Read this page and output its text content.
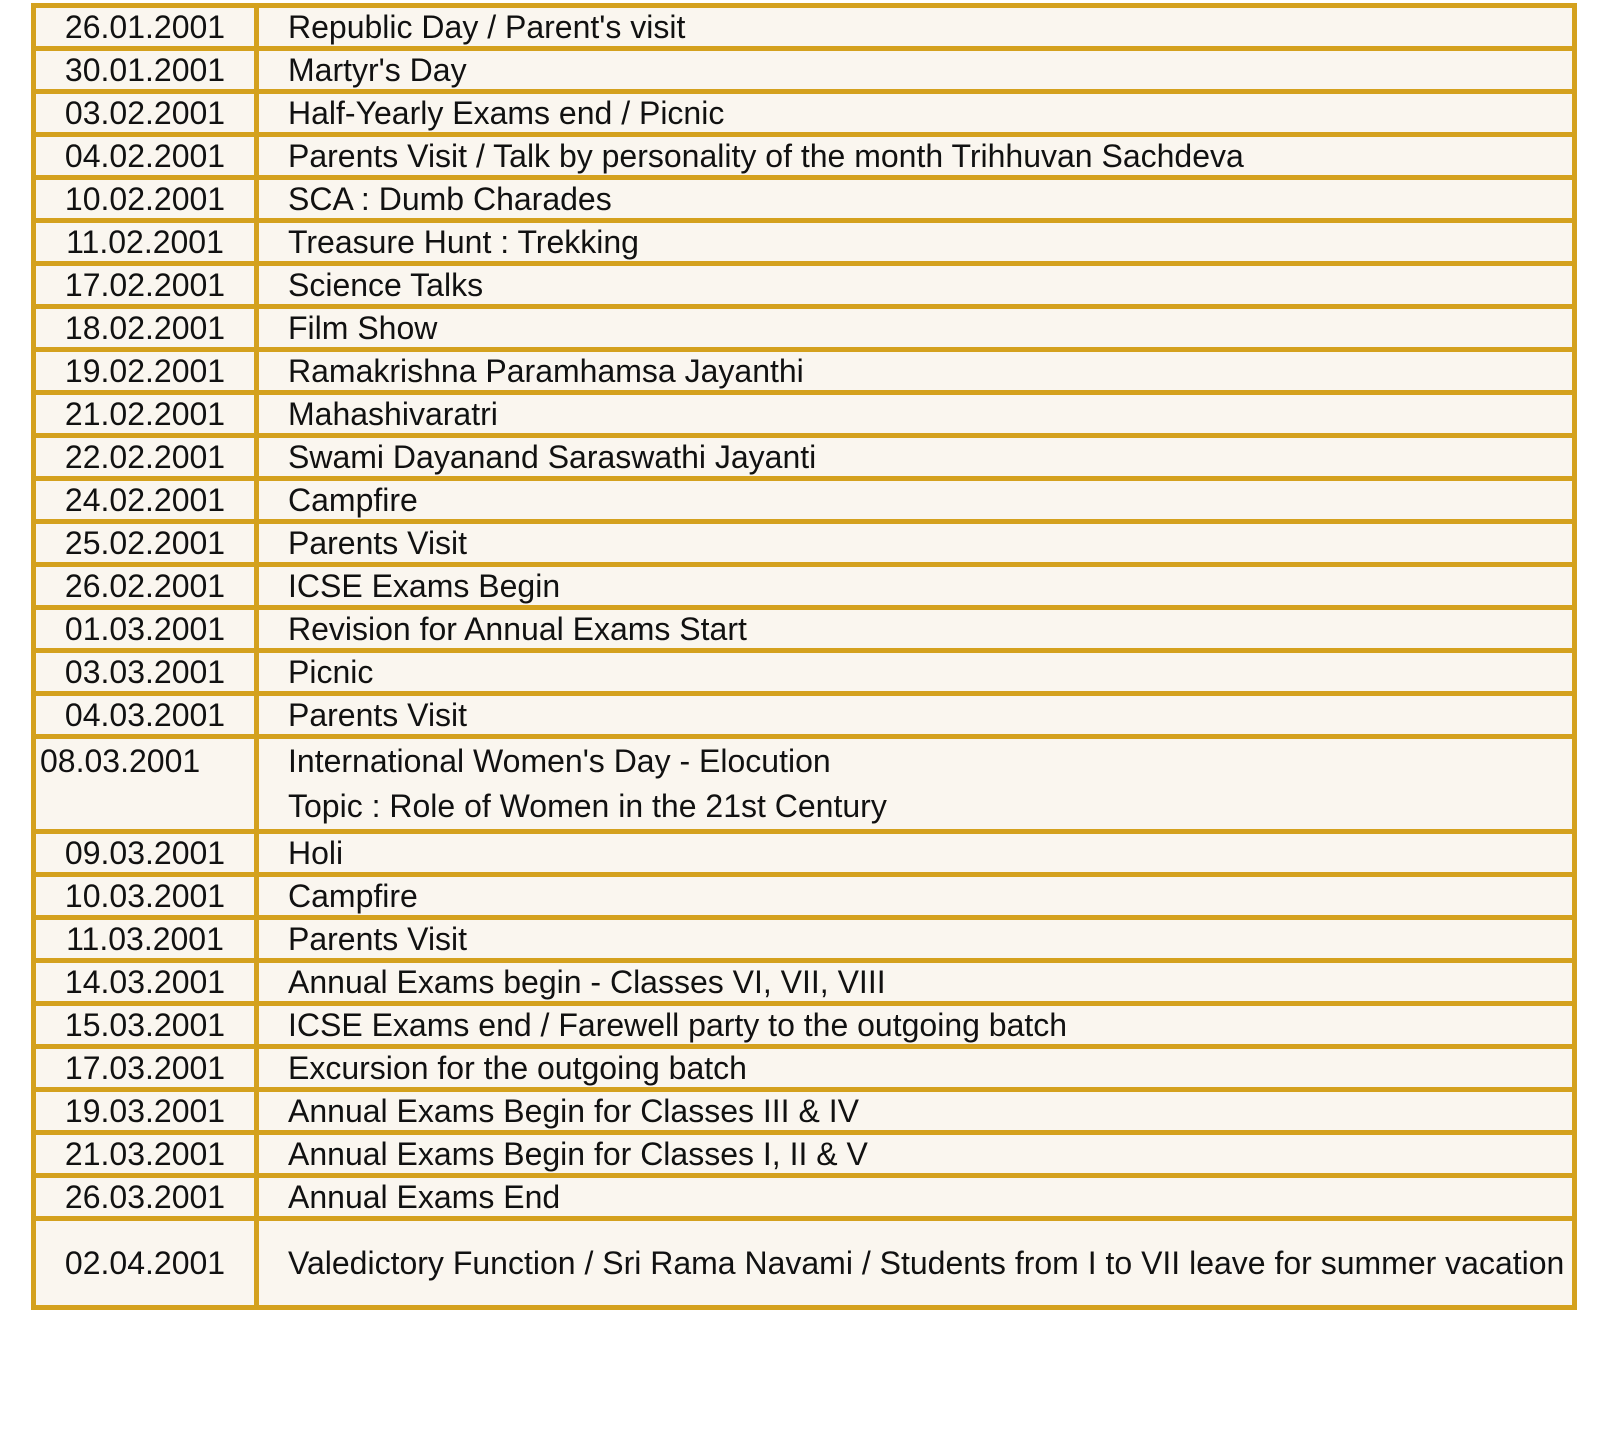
26.01.2001	Republic Day / Parent's visit
30.01.2001	Martyr's Day
03.02.2001	Half-Yearly Exams end / Picnic
04.02.2001	Parents Visit / Talk by personality of the month Trihhuvan Sachdeva
10.02.2001	SCA : Dumb Charades
11.02.2001	Treasure Hunt : Trekking
17.02.2001	Science Talks
18.02.2001	Film Show
19.02.2001	Ramakrishna Paramhamsa Jayanthi
21.02.2001	Mahashivaratri
22.02.2001	Swami Dayanand Saraswathi Jayanti
24.02.2001	Campfire
25.02.2001	Parents Visit
26.02.2001	ICSE Exams Begin
01.03.2001	Revision for Annual Exams Start
03.03.2001	Picnic
04.03.2001	Parents Visit
08.03.2001	International Women's Day - Elocution
Topic : Role of Women in the 21st Century

09.03.2001	Holi
10.03.2001	Campfire
11.03.2001	Parents Visit
14.03.2001	Annual Exams begin - Classes VI, VII, VIII
15.03.2001	ICSE Exams end / Farewell party to the outgoing batch
17.03.2001	Excursion for the outgoing batch
19.03.2001	Annual Exams Begin for Classes III & IV
21.03.2001	Annual Exams Begin for Classes I, II & V
26.03.2001	Annual Exams End
02.04.2001	Valedictory Function / Sri Rama Navami / Students from I to VII leave for summer vacation
